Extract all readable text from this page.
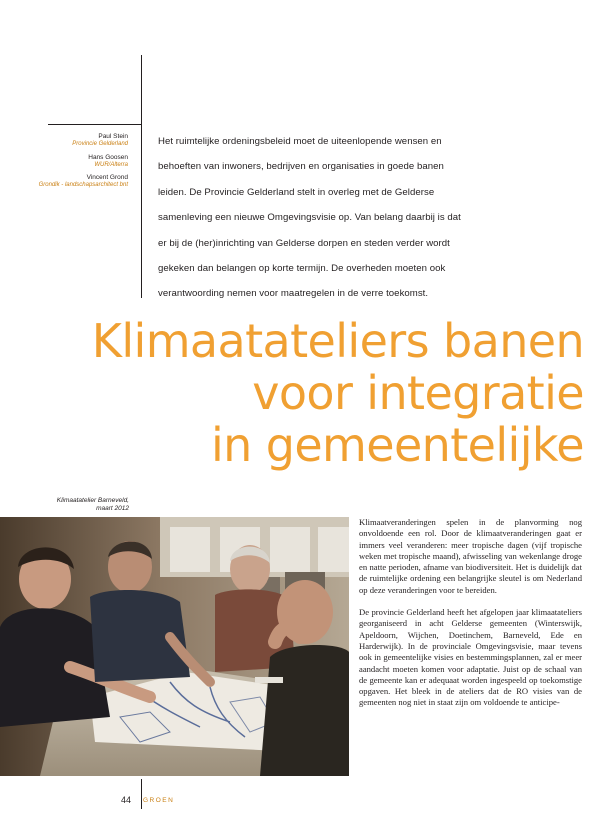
Paul Stein
Provincie Gelderland
Hans Goosen
WUR/Alterra
Vincent Grond
Grondik - landschapsarchitect bnt

Het ruimtelijke ordeningsbeleid moet de uiteenlopende wensen en

behoeften van inwoners, bedrijven en organisaties in goede banen

leiden. De Provincie Gelderland stelt in overleg met de Gelderse

samenleving een nieuwe Omgevingsvisie op. Van belang daarbij is dat

er bij de (her)inrichting van Gelderse dorpen en steden verder wordt

gekeken dan belangen op korte termijn. De overheden moeten ook

verantwoording nemen voor maatregelen in de verre toekomst.

Klimaatateliers banen
voor integratie
in gemeentelijke
Klimaatatelier Barneveld,
maart 2012

Klimaatveranderingen spelen in de planvorming nog onvoldoende een rol. Door de klimaatveranderingen gaat er immers veel veranderen: meer tropische dagen (vijf tropische weken met tropische maand), afwisseling van wekenlange droge en natte perioden, afname van biodiversiteit. Het is duidelijk dat de ruimtelijke ordening een belangrijke sleutel is om Nederland op deze veranderingen voor te bereiden.

De provincie Gelderland heeft het afgelopen jaar klimaatateliers georganiseerd in acht Gelderse gemeenten (Winterswijk, Apeldoorn, Wijchen, Doetinchem, Barneveld, Ede en Harderwijk). In de provinciale Omgevingsvisie, maar tevens ook in gemeentelijke visies en bestemmingsplannen, zal er meer aandacht moeten komen voor adaptatie. Juist op de schaal van de gemeente kan er adequaat worden ingespeeld op toekomstige opgaven. Het bleek in de ateliers dat de RO visies van de gemeenten nog niet in staat zijn om voldoende te anticipe-

44 GROEN
